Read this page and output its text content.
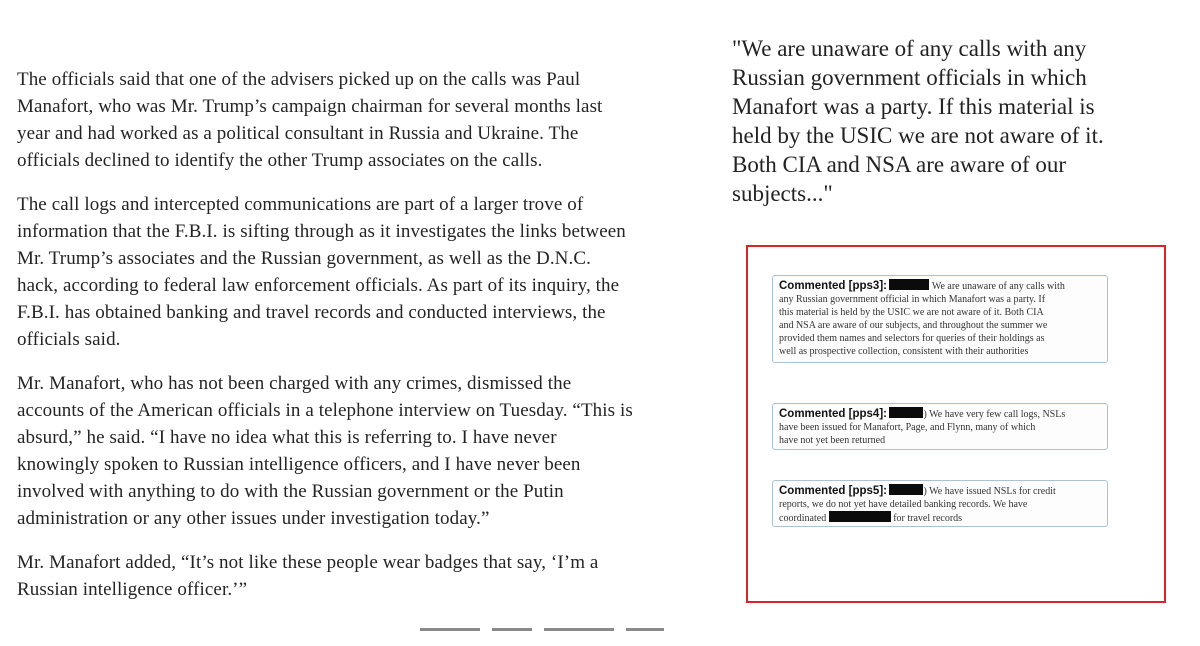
The officials said that one of the advisers picked up on the calls was Paul
Manafort, who was Mr. Trump’s campaign chairman for several months last
year and had worked as a political consultant in Russia and Ukraine. The
officials declined to identify the other Trump associates on the calls.

The call logs and intercepted communications are part of a larger trove of
information that the F.B.I. is sifting through as it investigates the links between
Mr. Trump’s associates and the Russian government, as well as the D.N.C.
hack, according to federal law enforcement officials. As part of its inquiry, the
F.B.I. has obtained banking and travel records and conducted interviews, the
officials said.

Mr. Manafort, who has not been charged with any crimes, dismissed the
accounts of the American officials in a telephone interview on Tuesday. “This is
absurd,” he said. “I have no idea what this is referring to. I have never
knowingly spoken to Russian intelligence officers, and I have never been
involved with anything to do with the Russian government or the Putin
administration or any other issues under investigation today.”

Mr. Manafort added, “It’s not like these people wear badges that say, ‘I’m a
Russian intelligence officer.’”

"We are unaware of any calls with any
Russian government officials in which
Manafort was a party. If this material is
held by the USIC we are not aware of it.
Both CIA and NSA are aware of our
subjects..."
Commented [pps3]:	We are unaware of any calls with
any Russian government official in which Manafort was a party. If
this material is held by the USIC we are not aware of it. Both CIA
and NSA are aware of our subjects, and throughout the summer we
provided them names and selectors for queries of their holdings as
well as prospective collection, consistent with their authorities
Commented [pps4]:	) We have very few call logs, NSLs
have been issued for Manafort, Page, and Flynn, many of which
have not yet been returned
Commented [pps5]:	) We have issued NSLs for credit
reports, we do not yet have detailed banking records. We have
coordinated	for travel records
